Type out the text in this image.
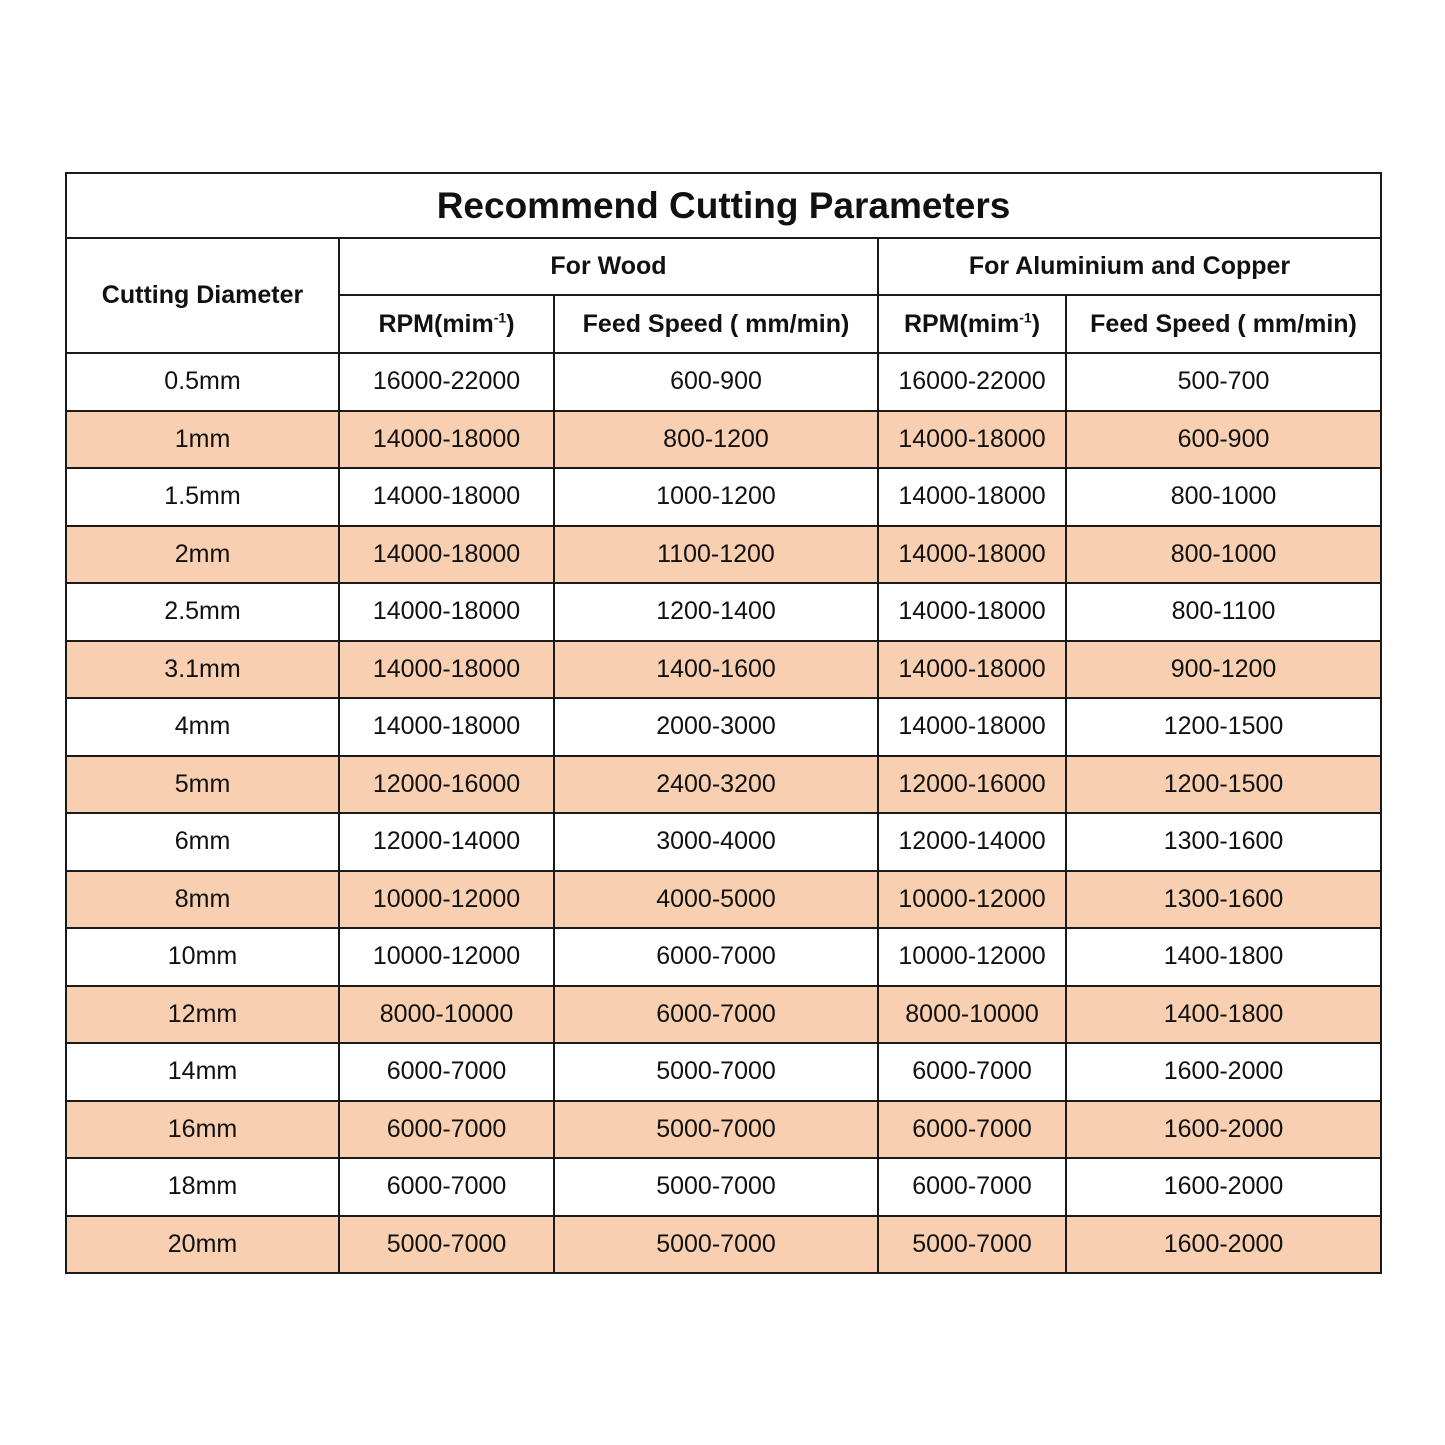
Recommend Cutting Parameters				
Cutting Diameter	For Wood		For Aluminium and Copper	
	RPM(mim$^{-1}$)	Feed Speed ( mm/min)	RPM(mim$^{-1}$)	Feed Speed ( mm/min)
0.5mm	16000-22000	600-900	16000-22000	500-700
1mm	14000-18000	800-1200	14000-18000	600-900
1.5mm	14000-18000	1000-1200	14000-18000	800-1000
2mm	14000-18000	1100-1200	14000-18000	800-1000
2.5mm	14000-18000	1200-1400	14000-18000	800-1100
3.1mm	14000-18000	1400-1600	14000-18000	900-1200
4mm	14000-18000	2000-3000	14000-18000	1200-1500
5mm	12000-16000	2400-3200	12000-16000	1200-1500
6mm	12000-14000	3000-4000	12000-14000	1300-1600
8mm	10000-12000	4000-5000	10000-12000	1300-1600
10mm	10000-12000	6000-7000	10000-12000	1400-1800
12mm	8000-10000	6000-7000	8000-10000	1400-1800
14mm	6000-7000	5000-7000	6000-7000	1600-2000
16mm	6000-7000	5000-7000	6000-7000	1600-2000
18mm	6000-7000	5000-7000	6000-7000	1600-2000
20mm	5000-7000	5000-7000	5000-7000	1600-2000
